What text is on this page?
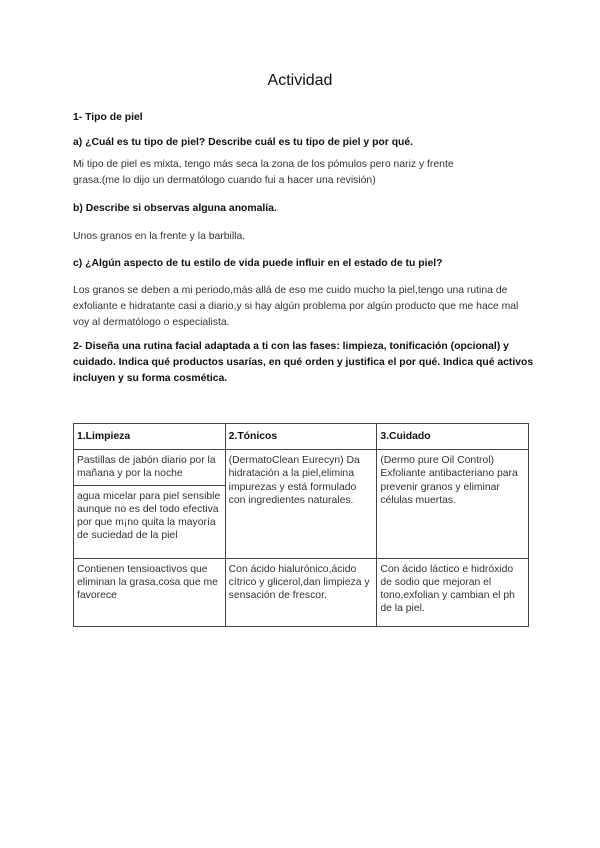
Actividad
1- Tipo de piel
a) ¿Cuál es tu tipo de piel? Describe cuál es tu tipo de piel y por qué.
Mi tipo de piel es mixta, tengo más seca la zona de los pómulos pero nariz y frente grasa.(me lo dijo un dermatólogo cuando fui a hacer una revisión)
b) Describe si observas alguna anomalía.
Unos granos en la frente y la barbilla.
c) ¿Algún aspecto de tu estilo de vida puede influir en el estado de tu piel?
Los granos se deben a mi periodo,más allá de eso me cuido mucho la piel,tengo una rutina de exfoliante e hidratante casi a diario,y si hay algún problema por algún producto que me hace mal voy al dermatólogo o especialista.
2- Diseña una rutina facial adaptada a ti con las fases: limpieza, tonificación (opcional) y cuidado. Indica qué productos usarías, en qué orden y justifica el por qué. Indica qué activos incluyen y su forma cosmética.
1.Limpieza	2.Tónicos	3.Cuidado
Pastillas de jabón diario por la mañana y por la noche	(DermatoClean Eurecyn) Da hidratación a la piel,elimina impurezas y está formulado con ingredientes naturales.	(Dermo pure Oil Control) Exfoliante antibacteriano para prevenir granos y eliminar células muertas.
agua micelar para piel sensible aunque no es del todo efectiva por que m¡no quita la mayoría de suciedad de la piel		
Contienen tensioactivos que eliminan la grasa,cosa que me favorece	Con ácido hialurónico,ácido cítrico y glicerol,dan limpieza y sensación de frescor.	Con ácido láctico e hidróxido de sodio que mejoran el tono,exfolian y cambian el ph de la piel.
